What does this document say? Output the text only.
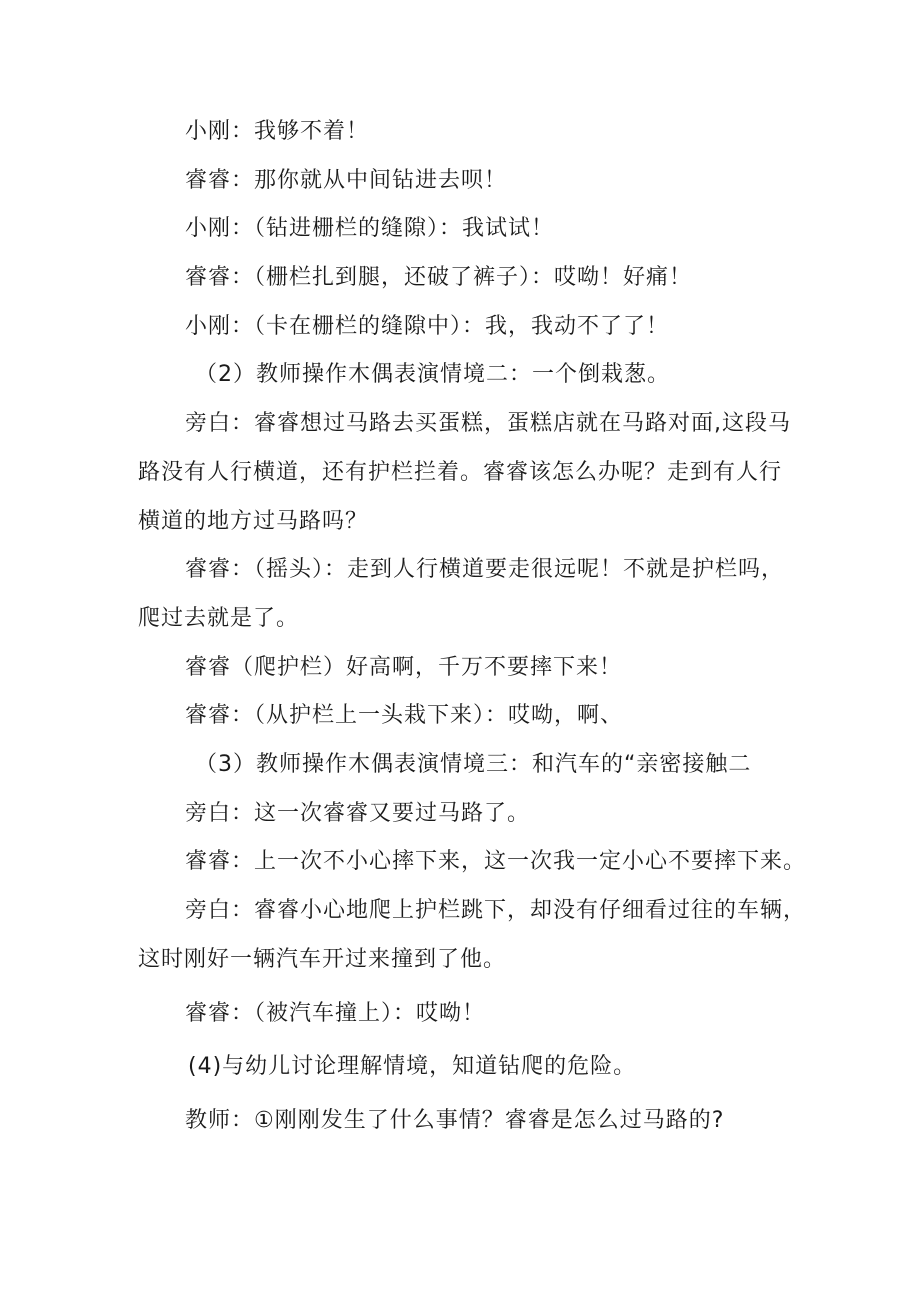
小刚：我够不着！
睿睿：那你就从中间钻进去呗！
小刚：（钻进栅栏的缝隙）：我试试！
睿睿：（栅栏扎到腿，还破了裤子）：哎呦！好痛！
小刚：（卡在栅栏的缝隙中）：我，我动不了了！
（2）教师操作木偶表演情境二：一个倒栽葱。
旁白：睿睿想过马路去买蛋糕，蛋糕店就在马路对面,这段马
路没有人行横道，还有护栏拦着。睿睿该怎么办呢？走到有人行
横道的地方过马路吗？
睿睿：（摇头）：走到人行横道要走很远呢！不就是护栏吗，
爬过去就是了。
睿睿（爬护栏）好高啊，千万不要摔下来！
睿睿：（从护栏上一头栽下来）：哎呦，啊、
（3）教师操作木偶表演情境三：和汽车的“亲密接触二
旁白：这一次睿睿又要过马路了。
睿睿：上一次不小心摔下来，这一次我一定小心不要摔下来。
旁白：睿睿小心地爬上护栏跳下，却没有仔细看过往的车辆，
这时刚好一辆汽车开过来撞到了他。
睿睿：（被汽车撞上）：哎呦！
(4)与幼儿讨论理解情境，知道钻爬的危险。
教师：①刚刚发生了什么事情？睿睿是怎么过马路的?
